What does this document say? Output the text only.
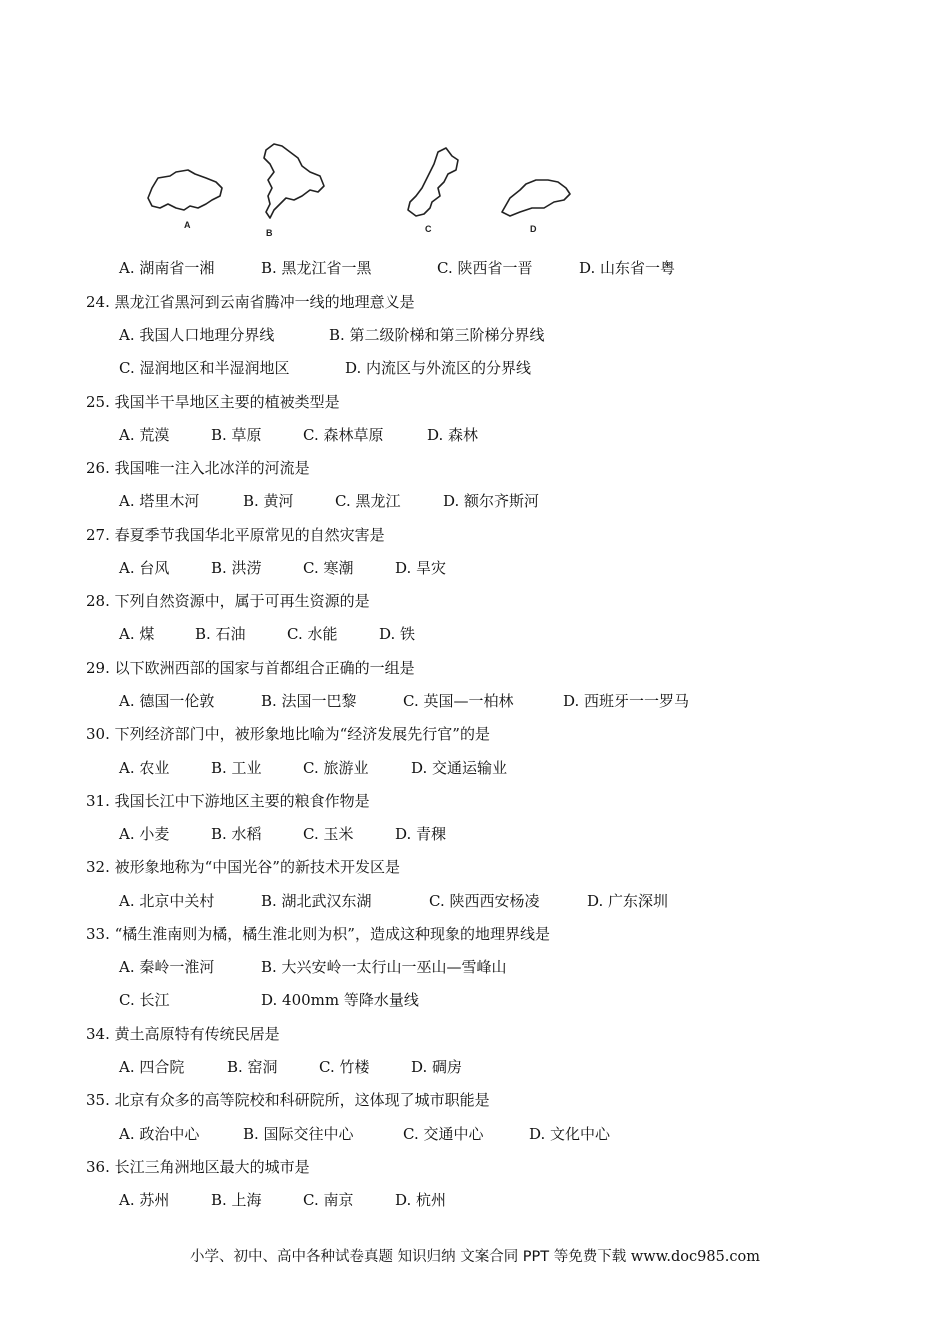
A
B	C	D
A. 湖南省一湘	B. 黑龙江省一黑	C. 陕西省一晋	D. 山东省一粤
24. 黑龙江省黑河到云南省腾冲一线的地理意义是
A. 我国人口地理分界线	B. 第二级阶梯和第三阶梯分界线
C. 湿润地区和半湿润地区	D. 内流区与外流区的分界线
25. 我国半干旱地区主要的植被类型是
A. 荒漠	B. 草原	C. 森林草原	D. 森林
26. 我国唯一注入北冰洋的河流是
A. 塔里木河	B. 黄河	C. 黑龙江	D. 额尔齐斯河
27. 春夏季节我国华北平原常见的自然灾害是
A. 台风	B. 洪涝	C. 寒潮	D. 旱灾
28. 下列自然资源中，属于可再生资源的是
A. 煤	B. 石油	C. 水能	D. 铁
29. 以下欧洲西部的国家与首都组合正确的一组是
A. 德国一伦敦	B. 法国一巴黎	C. 英国—一柏林	D. 西班牙一一罗马
30. 下列经济部门中，被形象地比喻为“经济发展先行官”的是
A. 农业	B. 工业	C. 旅游业	D. 交通运输业
31. 我国长江中下游地区主要的粮食作物是
A. 小麦	B. 水稻	C. 玉米	D. 青稞
32. 被形象地称为“中国光谷”的新技术开发区是
A. 北京中关村	B. 湖北武汉东湖	C. 陕西西安杨凌	D. 广东深圳
33. “橘生淮南则为橘，橘生淮北则为枳”，造成这种现象的地理界线是
A. 秦岭一淮河	B. 大兴安岭一太行山一巫山—雪峰山
C. 长江	D. 400mm 等降水量线
34. 黄土高原特有传统民居是
A. 四合院	B. 窑洞	C. 竹楼	D. 碉房
35. 北京有众多的高等院校和科研院所，这体现了城市职能是
A. 政治中心	B. 国际交往中心	C. 交通中心	D. 文化中心
36. 长江三角洲地区最大的城市是
A. 苏州	B. 上海	C. 南京	D. 杭州
小学、初中、高中各种试卷真题 知识归纳 文案合同 PPT 等免费下载 www.doc985.com
